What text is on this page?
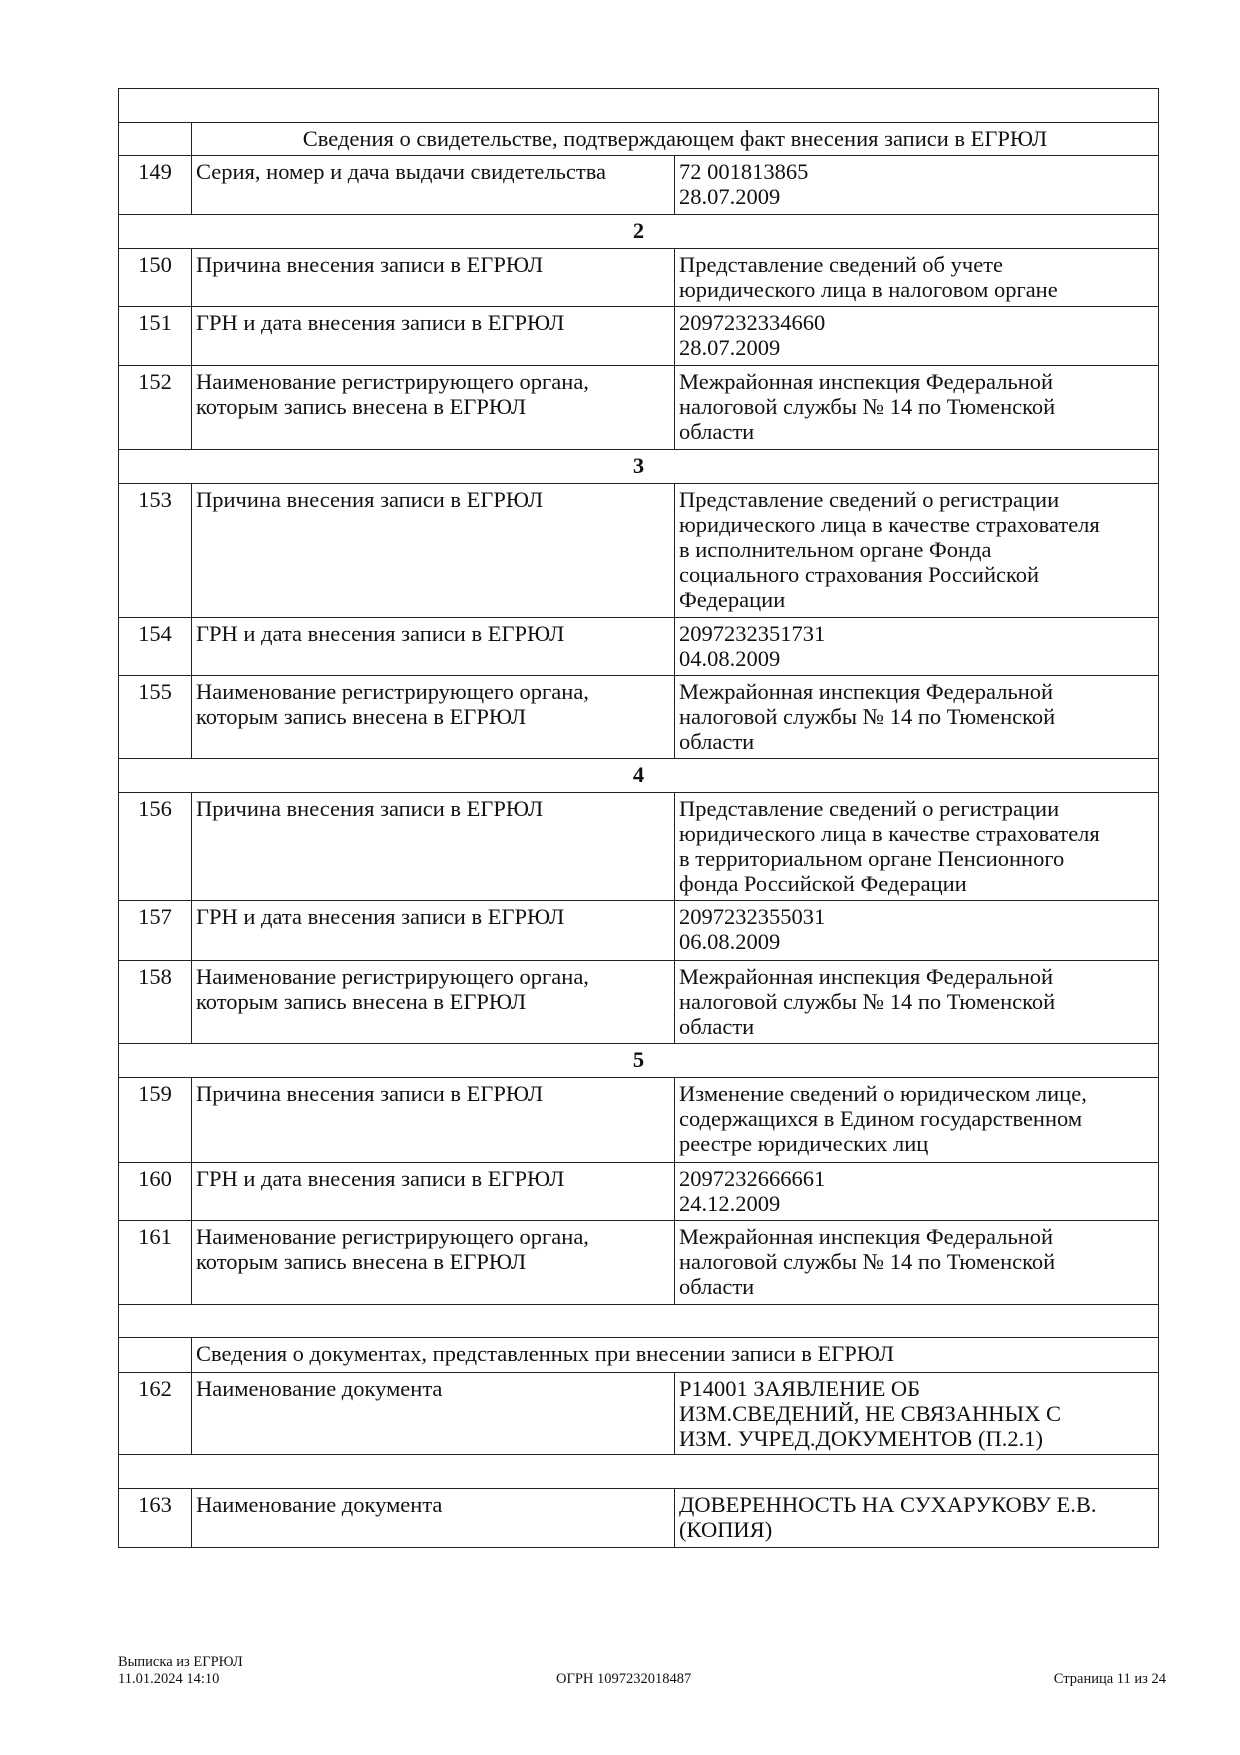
	Сведения о свидетельстве, подтверждающем факт внесения записи в ЕГРЮЛ	
149	Серия, номер и дача выдачи свидетельства	72 001813865
28.07.2009

2		
150	Причина внесения записи в ЕГРЮЛ	Представление сведений об учете
юридического лица в налоговом органе

151	ГРН и дата внесения записи в ЕГРЮЛ	2097232334660
28.07.2009

152	Наименование регистрирующего органа, которым запись внесена в ЕГРЮЛ	Межрайонная инспекция Федеральной
налоговой службы № 14 по Тюменской
области

3		
153	Причина внесения записи в ЕГРЮЛ	Представление сведений о регистрации
юридического лица в качестве страхователя
в исполнительном органе Фонда
социального страхования Российской
Федерации

154	ГРН и дата внесения записи в ЕГРЮЛ	2097232351731
04.08.2009

155	Наименование регистрирующего органа, которым запись внесена в ЕГРЮЛ	Межрайонная инспекция Федеральной
налоговой службы № 14 по Тюменской
области

4		
156	Причина внесения записи в ЕГРЮЛ	Представление сведений о регистрации
юридического лица в качестве страхователя
в территориальном органе Пенсионного
фонда Российской Федерации

157	ГРН и дата внесения записи в ЕГРЮЛ	2097232355031
06.08.2009

158	Наименование регистрирующего органа, которым запись внесена в ЕГРЮЛ	Межрайонная инспекция Федеральной
налоговой службы № 14 по Тюменской
области

5		
159	Причина внесения записи в ЕГРЮЛ	Изменение сведений о юридическом лице,
содержащихся в Едином государственном
реестре юридических лиц

160	ГРН и дата внесения записи в ЕГРЮЛ	2097232666661
24.12.2009

161	Наименование регистрирующего органа, которым запись внесена в ЕГРЮЛ	Межрайонная инспекция Федеральной
налоговой службы № 14 по Тюменской
области

	Сведения о документах, представленных при внесении записи в ЕГРЮЛ	
162	Наименование документа	Р14001 ЗАЯВЛЕНИЕ ОБ
ИЗМ.СВЕДЕНИЙ, НЕ СВЯЗАННЫХ С
ИЗМ. УЧРЕД.ДОКУМЕНТОВ (П.2.1)

163	Наименование документа	ДОВЕРЕННОСТЬ НА СУХАРУКОВУ Е.В.
(КОПИЯ)
Выписка из ЕГРЮЛ
11.01.2024 14:10	ОГРН 1097232018487	Страница 11 из 24
